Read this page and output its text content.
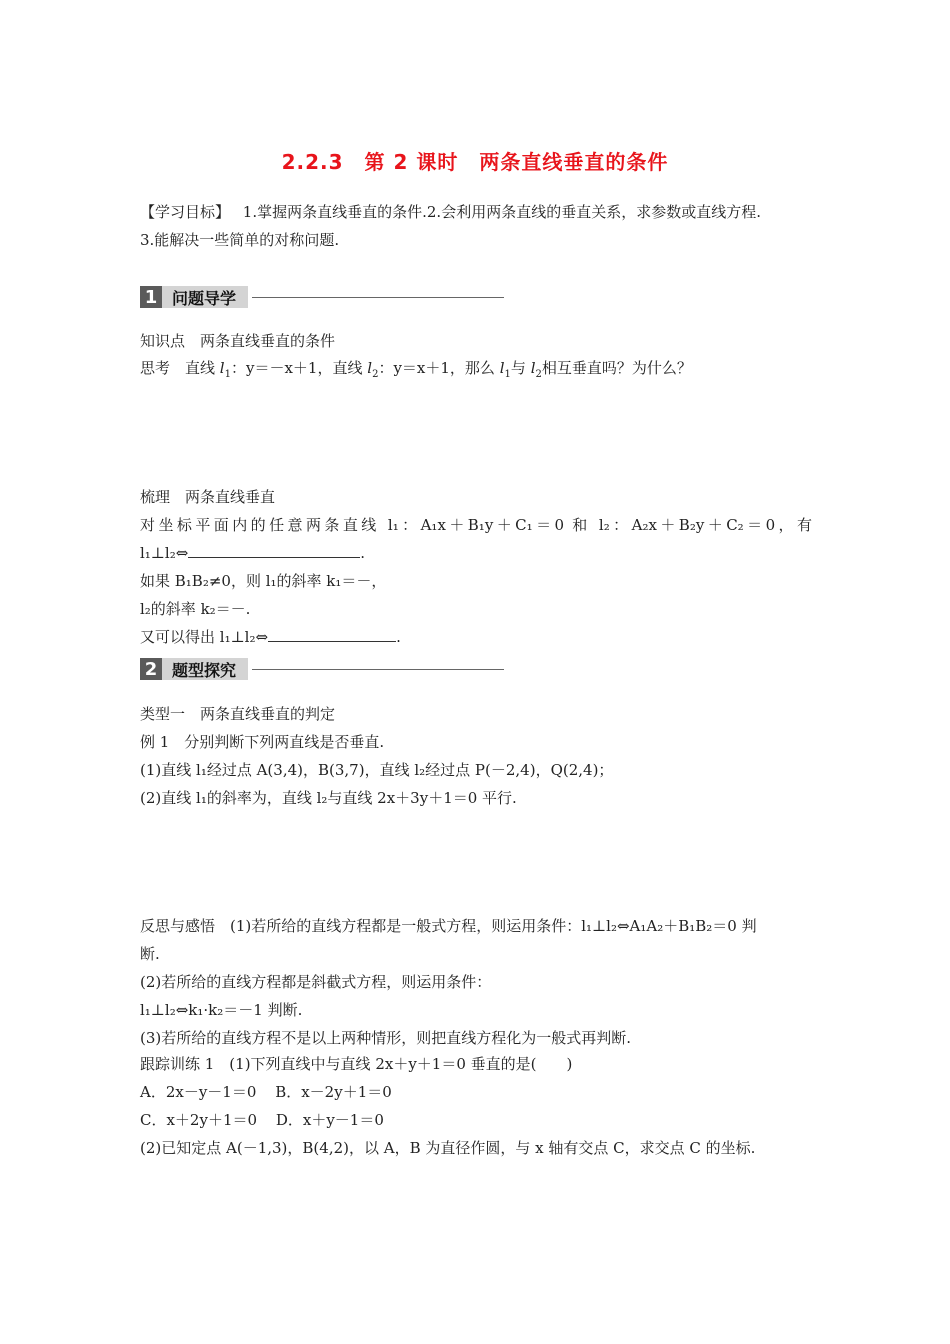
2.2.3　第 2 课时　两条直线垂直的条件
【学习目标】 1.掌握两条直线垂直的条件.2.会利用两条直线的垂直关系，求参数或直线方程.
3.能解决一些简单的对称问题.
1 问题导学
知识点　两条直线垂直的条件
思考　直线 $l_1$：y＝－x＋1，直线 $l_2$：y＝x＋1，那么 $l_1$与 $l_2$相互垂直吗？为什么？
梳理　两条直线垂直
对坐标平面内的任意两条直线 l₁：A₁x＋B₁y＋C₁＝0 和 l₂：A₂x＋B₂y＋C₂＝0，有
l₁⊥l₂⇔	.
如果 B₁B₂≠0，则 l₁的斜率 k₁＝－，
l₂的斜率 k₂＝－.
又可以得出 l₁⊥l₂⇔	.
2 题型探究
类型一　两条直线垂直的判定
例 1　分别判断下列两直线是否垂直.
(1)直线 l₁经过点 A(3,4)，B(3,7)，直线 l₂经过点 P(－2,4)，Q(2,4)；
(2)直线 l₁的斜率为，直线 l₂与直线 2x＋3y＋1＝0 平行.
反思与感悟　(1)若所给的直线方程都是一般式方程，则运用条件：l₁⊥l₂⇔A₁A₂＋B₁B₂＝0 判
断.
(2)若所给的直线方程都是斜截式方程，则运用条件：
l₁⊥l₂⇔k₁·k₂＝－1 判断.
(3)若所给的直线方程不是以上两种情形，则把直线方程化为一般式再判断.
跟踪训练 1　(1)下列直线中与直线 2x＋y＋1＝0 垂直的是(　　)
A．2x－y－1＝0 B．x－2y＋1＝0
C．x＋2y＋1＝0 D．x＋y－1＝0
(2)已知定点 A(－1,3)，B(4,2)，以 A，B 为直径作圆，与 x 轴有交点 C，求交点 C 的坐标.
